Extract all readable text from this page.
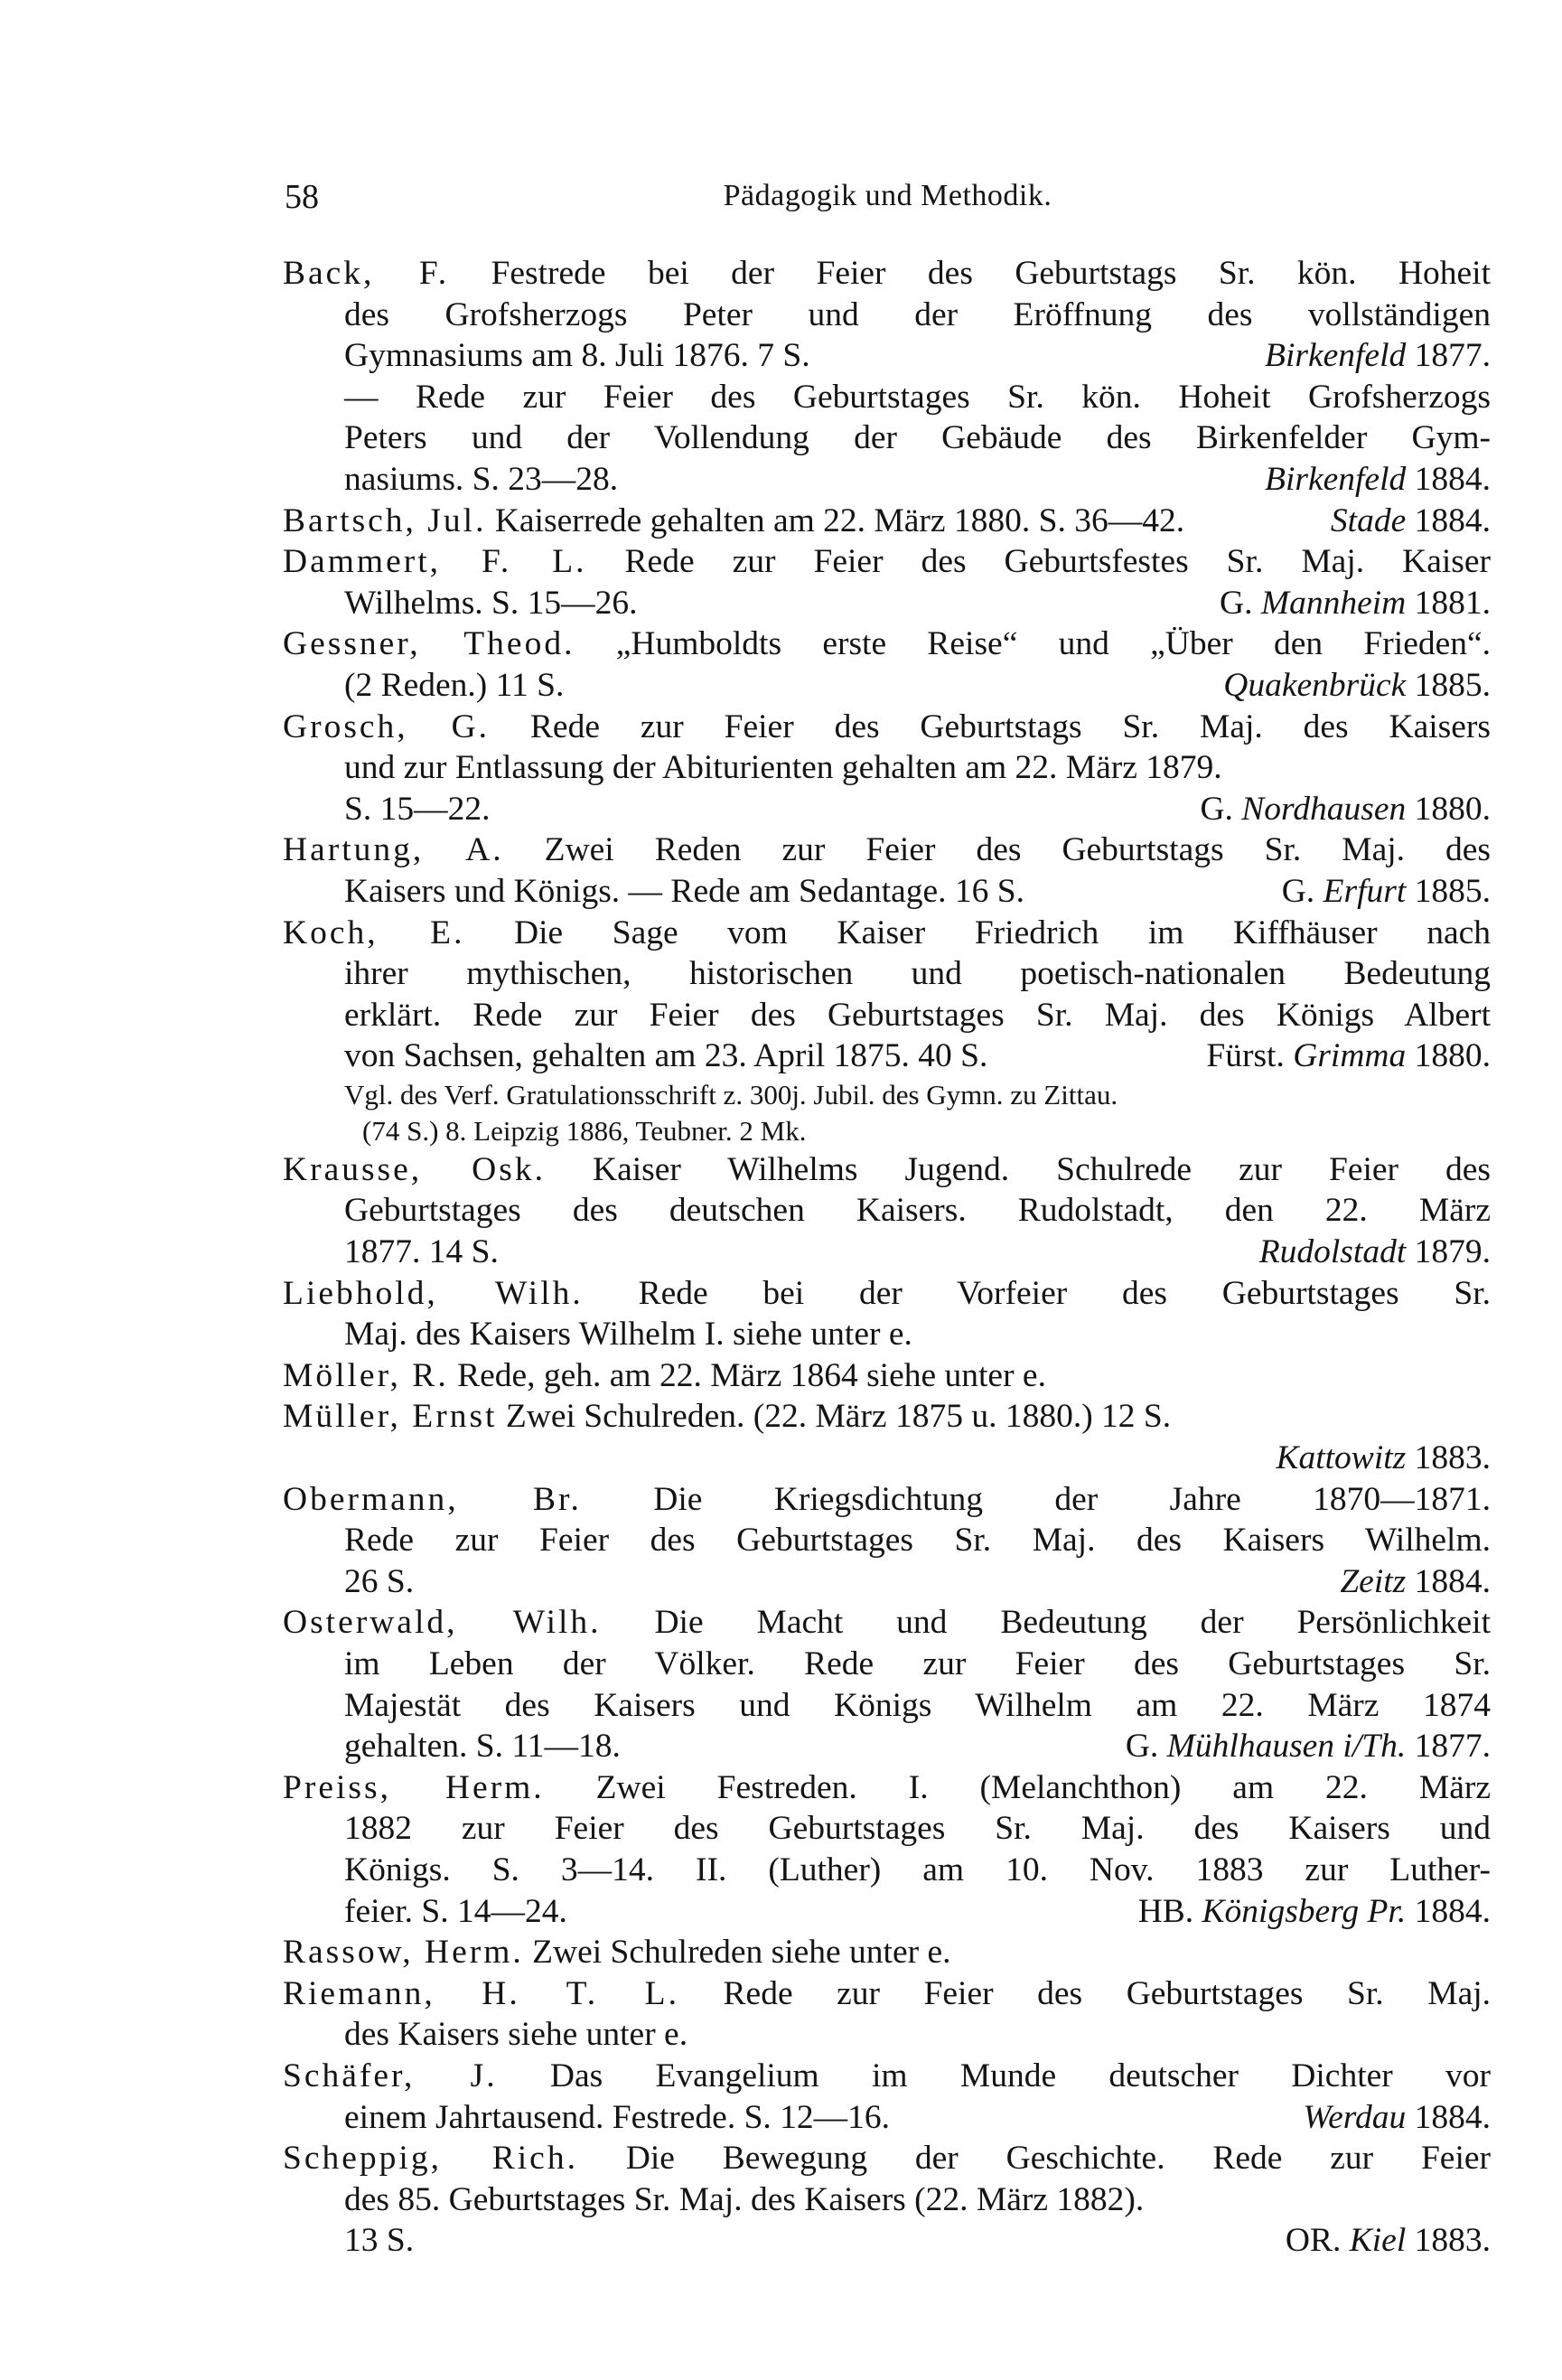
58	Pädagogik und Methodik.
Back, F. Festrede bei der Feier des Geburtstags Sr. kön. Hoheit
des Grofsherzogs Peter und der Eröffnung des vollständigen
Gymnasiums am 8. Juli 1876. 7 S.	Birkenfeld 1877.
— Rede zur Feier des Geburtstages Sr. kön. Hoheit Grofsherzogs
Peters und der Vollendung der Gebäude des Birkenfelder Gym-
nasiums. S. 23—28.	Birkenfeld 1884.
Bartsch, Jul. Kaiserrede gehalten am 22. März 1880. S. 36—42.	Stade 1884.
Dammert, F. L. Rede zur Feier des Geburtsfestes Sr. Maj. Kaiser
Wilhelms. S. 15—26.	G. Mannheim 1881.
Gessner, Theod. „Humboldts erste Reise“ und „Über den Frieden“.
(2 Reden.) 11 S.	Quakenbrück 1885.
Grosch, G. Rede zur Feier des Geburtstags Sr. Maj. des Kaisers
und zur Entlassung der Abiturienten gehalten am 22. März 1879.
S. 15—22.	G. Nordhausen 1880.
Hartung, A. Zwei Reden zur Feier des Geburtstags Sr. Maj. des
Kaisers und Königs. — Rede am Sedantage. 16 S.	G. Erfurt 1885.
Koch, E. Die Sage vom Kaiser Friedrich im Kiffhäuser nach
ihrer mythischen, historischen und poetisch-nationalen Bedeutung
erklärt. Rede zur Feier des Geburtstages Sr. Maj. des Königs Albert
von Sachsen, gehalten am 23. April 1875. 40 S.	Fürst. Grimma 1880.
Vgl. des Verf. Gratulationsschrift z. 300j. Jubil. des Gymn. zu Zittau.
(74 S.) 8. Leipzig 1886, Teubner. 2 Mk.
Krausse, Osk. Kaiser Wilhelms Jugend. Schulrede zur Feier des
Geburtstages des deutschen Kaisers. Rudolstadt, den 22. März
1877. 14 S.	Rudolstadt 1879.
Liebhold, Wilh. Rede bei der Vorfeier des Geburtstages Sr.
Maj. des Kaisers Wilhelm I. siehe unter e.
Möller, R. Rede, geh. am 22. März 1864 siehe unter e.
Müller, Ernst Zwei Schulreden. (22. März 1875 u. 1880.) 12 S.
Kattowitz 1883.
Obermann, Br. Die Kriegsdichtung der Jahre 1870—1871.
Rede zur Feier des Geburtstages Sr. Maj. des Kaisers Wilhelm.
26 S.	Zeitz 1884.
Osterwald, Wilh. Die Macht und Bedeutung der Persönlichkeit
im Leben der Völker. Rede zur Feier des Geburtstages Sr.
Majestät des Kaisers und Königs Wilhelm am 22. März 1874
gehalten. S. 11—18.	G. Mühlhausen i/Th. 1877.
Preiss, Herm. Zwei Festreden. I. (Melanchthon) am 22. März
1882 zur Feier des Geburtstages Sr. Maj. des Kaisers und
Königs. S. 3—14. II. (Luther) am 10. Nov. 1883 zur Luther-
feier. S. 14—24.	HB. Königsberg Pr. 1884.
Rassow, Herm. Zwei Schulreden siehe unter e.
Riemann, H. T. L. Rede zur Feier des Geburtstages Sr. Maj.
des Kaisers siehe unter e.
Schäfer, J. Das Evangelium im Munde deutscher Dichter vor
einem Jahrtausend. Festrede. S. 12—16.	Werdau 1884.
Scheppig, Rich. Die Bewegung der Geschichte. Rede zur Feier
des 85. Geburtstages Sr. Maj. des Kaisers (22. März 1882).
13 S.	OR. Kiel 1883.
